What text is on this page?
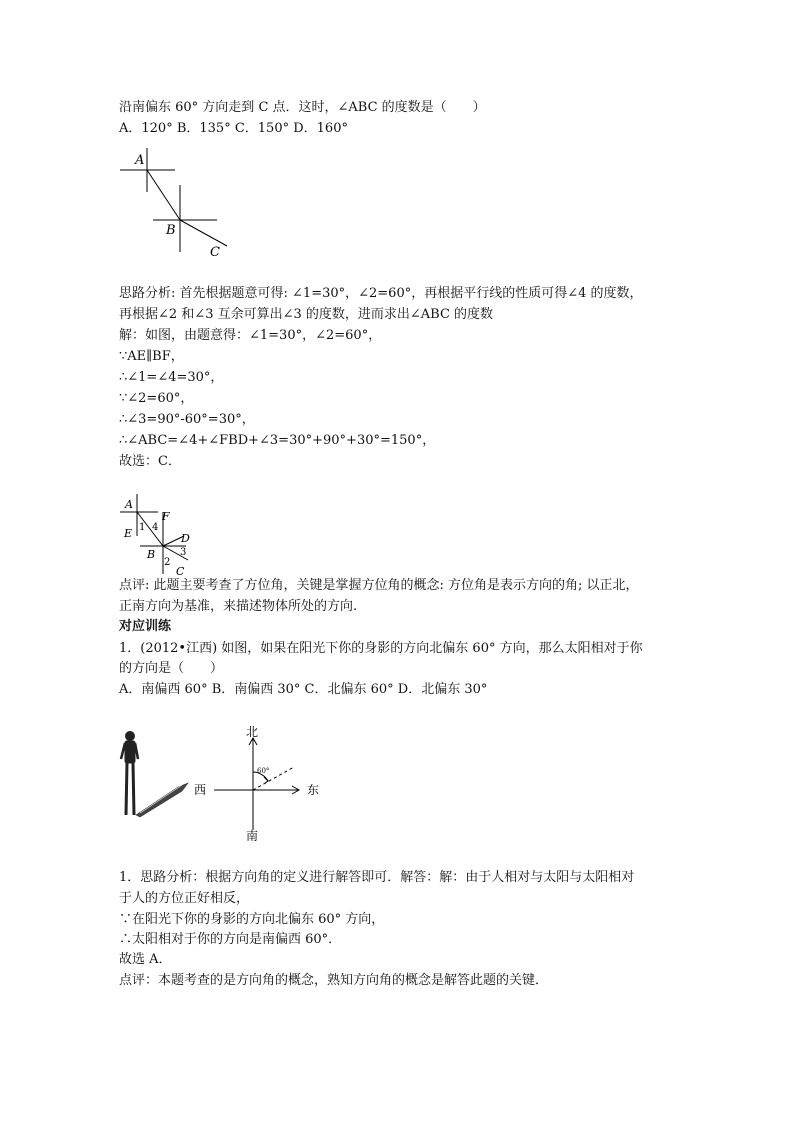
沿南偏东 60° 方向走到 C 点．这时，∠ABC 的度数是（　　）
A．120° B．135° C．150° D．160°
A
B
C
思路分析: 首先根据题意可得: ∠1=30°，∠2=60°，再根据平行线的性质可得∠4 的度数，
再根据∠2 和∠3 互余可算出∠3 的度数，进而求出∠ABC 的度数
解：如图，由题意得：∠1=30°，∠2=60°，
∵AE∥BF，
∴∠1=∠4=30°，
∵∠2=60°，
∴∠3=90°-60°=30°，
∴∠ABC=∠4+∠FBD+∠3=30°+90°+30°=150°，
故选：C．
A
E
F
D
B
C
1 4
2
3
点评: 此题主要考查了方位角，关键是掌握方位角的概念: 方位角是表示方向的角; 以正北，
正南方向为基准，来描述物体所处的方向.
对应训练
1．(2012•江西) 如图，如果在阳光下你的身影的方向北偏东 60° 方向，那么太阳相对于你
的方向是（　　）
A．南偏西 60° B．南偏西 30° C．北偏东 60° D．北偏东 30°
北
南
东
西
60°
1．思路分析：根据方向角的定义进行解答即可．解答：解：由于人相对与太阳与太阳相对
于人的方位正好相反，
∵在阳光下你的身影的方向北偏东 60° 方向，
∴太阳相对于你的方向是南偏西 60°．
故选 A．
点评：本题考查的是方向角的概念，熟知方向角的概念是解答此题的关键．
